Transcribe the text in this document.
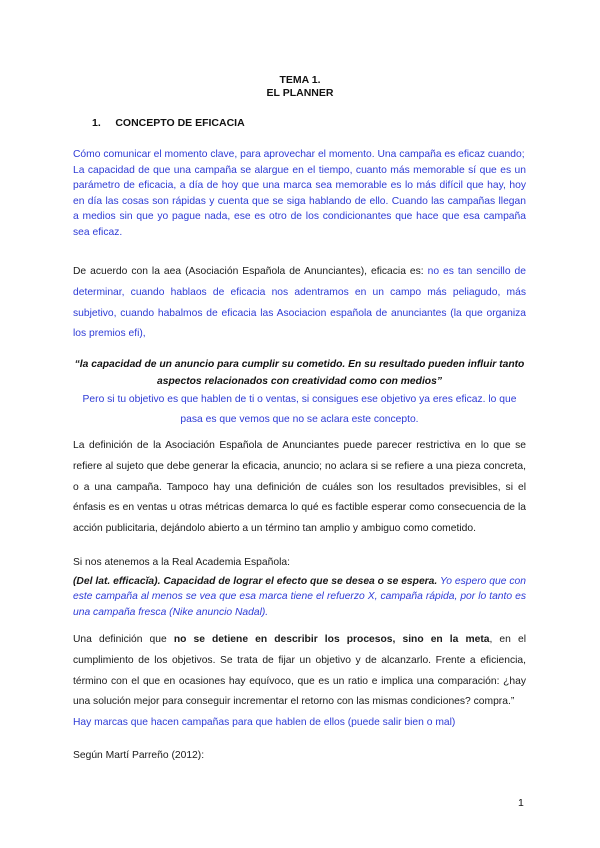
TEMA 1.
EL PLANNER
1.     CONCEPTO DE EFICACIA
Cómo comunicar el momento clave, para aprovechar el momento. Una campaña es eficaz cuando;
La capacidad de que una campaña se alargue en el tiempo, cuanto más memorable sí que es un parámetro de eficacia, a día de hoy que una marca sea memorable es lo más difícil que hay, hoy en día las cosas son rápidas y cuenta que se siga hablando de ello. Cuando las campañas llegan a medios sin que yo pague nada, ese es otro de los condicionantes que hace que esa campaña sea eficaz.
De acuerdo con la aea (Asociación Española de Anunciantes), eficacia es: no es tan sencillo de determinar, cuando hablaos de eficacia nos adentramos en un campo más peliagudo, más subjetivo, cuando habalmos de eficacia las Asociacion española de anunciantes (la que organiza los premios efi),
“la capacidad de un anuncio para cumplir su cometido. En su resultado pueden influir tanto aspectos relacionados con creatividad como con medios”
Pero si tu objetivo es que hablen de ti o ventas, si consigues ese objetivo ya eres eficaz. lo que pasa es que vemos que no se aclara este concepto.
La definición de la Asociación Española de Anunciantes puede parecer restrictiva en lo que se refiere al sujeto que debe generar la eficacia, anuncio; no aclara si se refiere a una pieza concreta, o a una campaña. Tampoco hay una definición de cuáles son los resultados previsibles, si el énfasis es en ventas u otras métricas demarca lo qué es factible esperar como consecuencia de la acción publicitaria, dejándolo abierto a un término tan amplio y ambiguo como cometido.
Si nos atenemos a la Real Academia Española:
(Del lat. efficacĭa). Capacidad de lograr el efecto que se desea o se espera. Yo espero que con este campaña al menos se vea que esa marca tiene el refuerzo X, campaña rápida, por lo tanto es una campaña fresca (Nike anuncio Nadal).
Una definición que no se detiene en describir los procesos, sino en la meta, en el cumplimiento de los objetivos. Se trata de fijar un objetivo y de alcanzarlo. Frente a eficiencia, término con el que en ocasiones hay equívoco, que es un ratio e implica una comparación: ¿hay una solución mejor para conseguir incrementar el retorno con las mismas condiciones? compra.”
Hay marcas que hacen campañas para que hablen de ellos (puede salir bien o mal)
Según Martí Parreño (2012):
1
